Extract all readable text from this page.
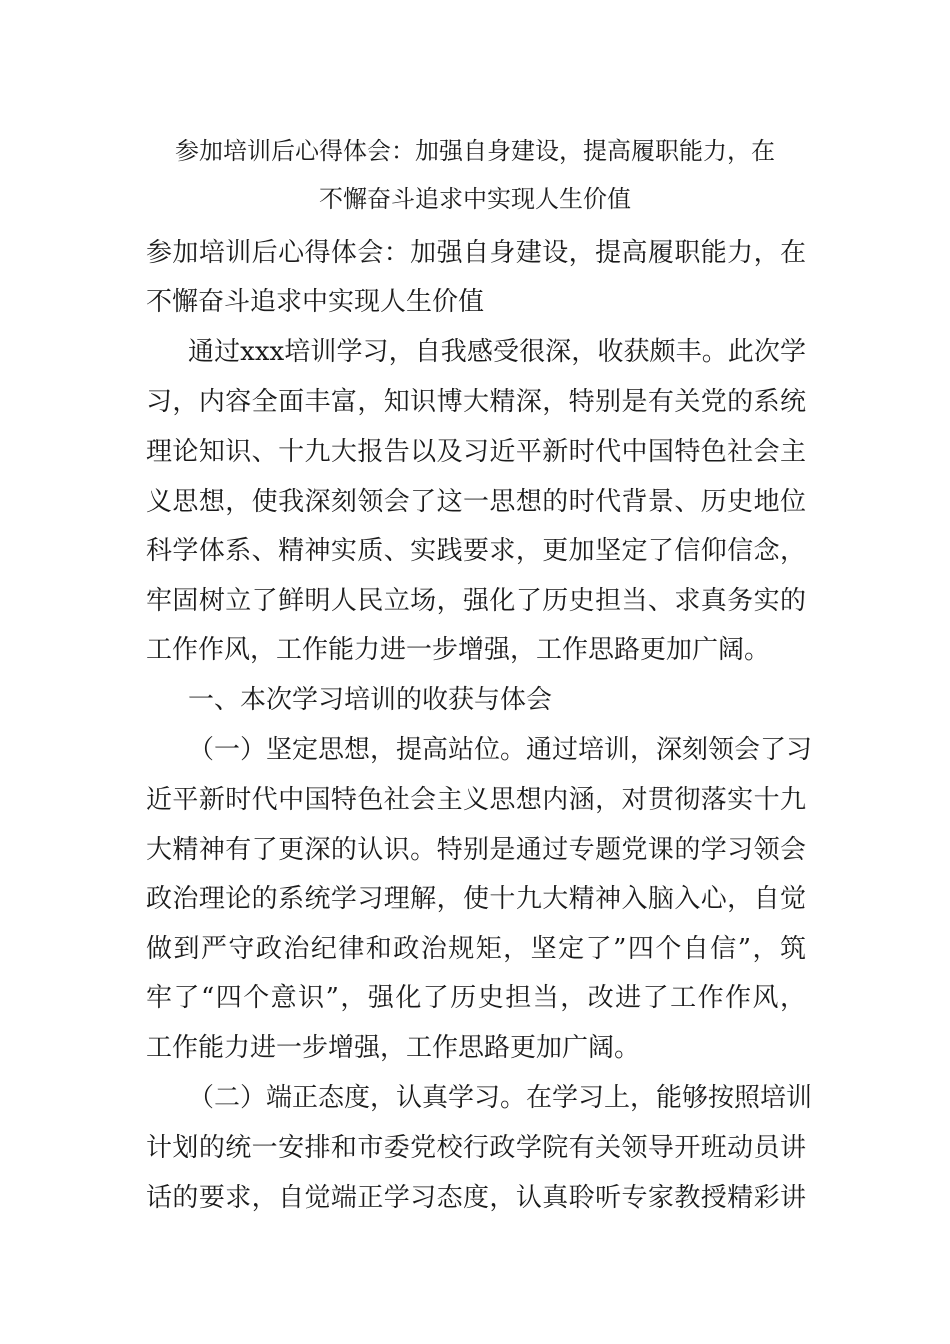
参加培训后心得体会：加强自身建设，提高履职能力，在
不懈奋斗追求中实现人生价值
参加培训后心得体会：加强自身建设，提高履职能力，在
不懈奋斗追求中实现人生价值
通过xxx培训学习，自我感受很深，收获颇丰。此次学
习，内容全面丰富，知识博大精深，特别是有关党的系统
理论知识、十九大报告以及习近平新时代中国特色社会主
义思想，使我深刻领会了这一思想的时代背景、历史地位
科学体系、精神实质、实践要求，更加坚定了信仰信念，
牢固树立了鲜明人民立场，强化了历史担当、求真务实的
工作作风，工作能力进一步增强，工作思路更加广阔。
一、本次学习培训的收获与体会
（一）坚定思想，提高站位。通过培训，深刻领会了习
近平新时代中国特色社会主义思想内涵，对贯彻落实十九
大精神有了更深的认识。特别是通过专题党课的学习领会
政治理论的系统学习理解，使十九大精神入脑入心，自觉
做到严守政治纪律和政治规矩，坚定了”四个自信”，筑
牢了“四个意识”，强化了历史担当，改进了工作作风，
工作能力进一步增强，工作思路更加广阔。
（二）端正态度，认真学习。在学习上，能够按照培训
计划的统一安排和市委党校行政学院有关领导开班动员讲
话的要求，自觉端正学习态度，认真聆听专家教授精彩讲
